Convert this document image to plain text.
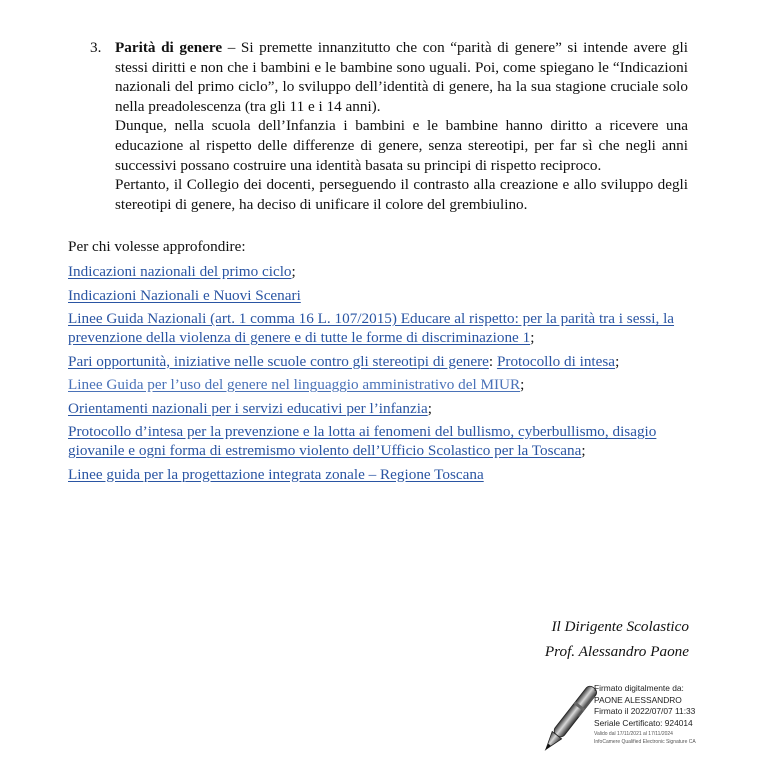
3. Parità di genere – Si premette innanzitutto che con “parità di genere” si intende avere gli stessi diritti e non che i bambini e le bambine sono uguali. Poi, come spiegano le “Indicazioni nazionali del primo ciclo”, lo sviluppo dell’identità di genere, ha la sua stagione cruciale solo nella preadolescenza (tra gli 11 e i 14 anni).

Dunque, nella scuola dell’Infanzia i bambini e le bambine hanno diritto a ricevere una educazione al rispetto delle differenze di genere, senza stereotipi, per far sì che negli anni successivi possano costruire una identità basata su principi di rispetto reciproco.

Pertanto, il Collegio dei docenti, perseguendo il contrasto alla creazione e allo sviluppo degli stereotipi di genere, ha deciso di unificare il colore del grembiulino.

Per chi volesse approfondire:

Indicazioni nazionali del primo ciclo;

Indicazioni Nazionali e Nuovi Scenari

Linee Guida Nazionali (art. 1 comma 16 L. 107/2015) Educare al rispetto: per la parità tra i sessi, la prevenzione della violenza di genere e di tutte le forme di discriminazione 1;

Pari opportunità, iniziative nelle scuole contro gli stereotipi di genere: Protocollo di intesa;

Linee Guida per l’uso del genere nel linguaggio amministrativo del MIUR;

Orientamenti nazionali per i servizi educativi per l’infanzia;

Protocollo d’intesa per la prevenzione e la lotta ai fenomeni del bullismo, cyberbullismo, disagio giovanile e ogni forma di estremismo violento dell’Ufficio Scolastico per la Toscana;

Linee guida per la progettazione integrata zonale – Regione Toscana

Il Dirigente Scolastico
Prof. Alessandro Paone
Firmato digitalmente da:
PAONE ALESSANDRO
Firmato il 2022/07/07 11:33
Seriale Certificato: 924014
Valido dal 17/11/2021 al 17/11/2024
InfoCamere Qualified Electronic Signature CA
